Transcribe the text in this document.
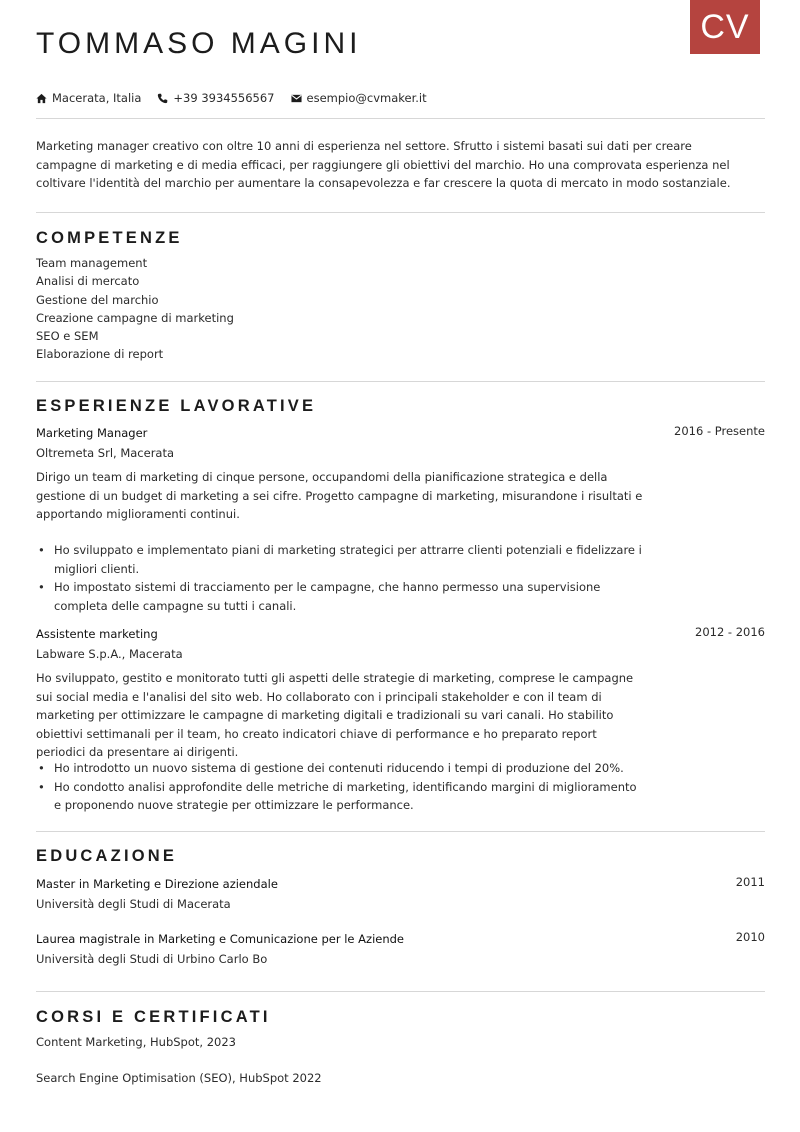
CV
TOMMASO MAGINI
Macerata, Italia	+39 3934556567	esempio@cvmaker.it

Marketing manager creativo con oltre 10 anni di esperienza nel settore. Sfrutto i sistemi basati sui dati per creare campagne di marketing e di media efficaci, per raggiungere gli obiettivi del marchio. Ho una comprovata esperienza nel coltivare l'identità del marchio per aumentare la consapevolezza e far crescere la quota di mercato in modo sostanziale.

COMPETENZE
Team management
Analisi di mercato
Gestione del marchio
Creazione campagne di marketing
SEO e SEM
Elaborazione di report
ESPERIENZE LAVORATIVE
Marketing Manager	2016 - Presente
Oltremeta Srl, Macerata

Dirigo un team di marketing di cinque persone, occupandomi della pianificazione strategica e della gestione di un budget di marketing a sei cifre. Progetto campagne di marketing, misurandone i risultati e apportando miglioramenti continui.

• Ho sviluppato e implementato piani di marketing strategici per attrarre clienti potenziali e fidelizzare i migliori clienti.
• Ho impostato sistemi di tracciamento per le campagne, che hanno permesso una supervisione completa delle campagne su tutti i canali.
Assistente marketing	2012 - 2016
Labware S.p.A., Macerata

Ho sviluppato, gestito e monitorato tutti gli aspetti delle strategie di marketing, comprese le campagne sui social media e l'analisi del sito web. Ho collaborato con i principali stakeholder e con il team di marketing per ottimizzare le campagne di marketing digitali e tradizionali su vari canali. Ho stabilito obiettivi settimanali per il team, ho creato indicatori chiave di performance e ho preparato report periodici da presentare ai dirigenti.

• Ho introdotto un nuovo sistema di gestione dei contenuti riducendo i tempi di produzione del 20%.
• Ho condotto analisi approfondite delle metriche di marketing, identificando margini di miglioramento e proponendo nuove strategie per ottimizzare le performance.
EDUCAZIONE
Master in Marketing e Direzione aziendale	2011
Università degli Studi di Macerata
Laurea magistrale in Marketing e Comunicazione per le Aziende	2010
Università degli Studi di Urbino Carlo Bo
CORSI E CERTIFICATI
Content Marketing, HubSpot, 2023
Search Engine Optimisation (SEO), HubSpot 2022
